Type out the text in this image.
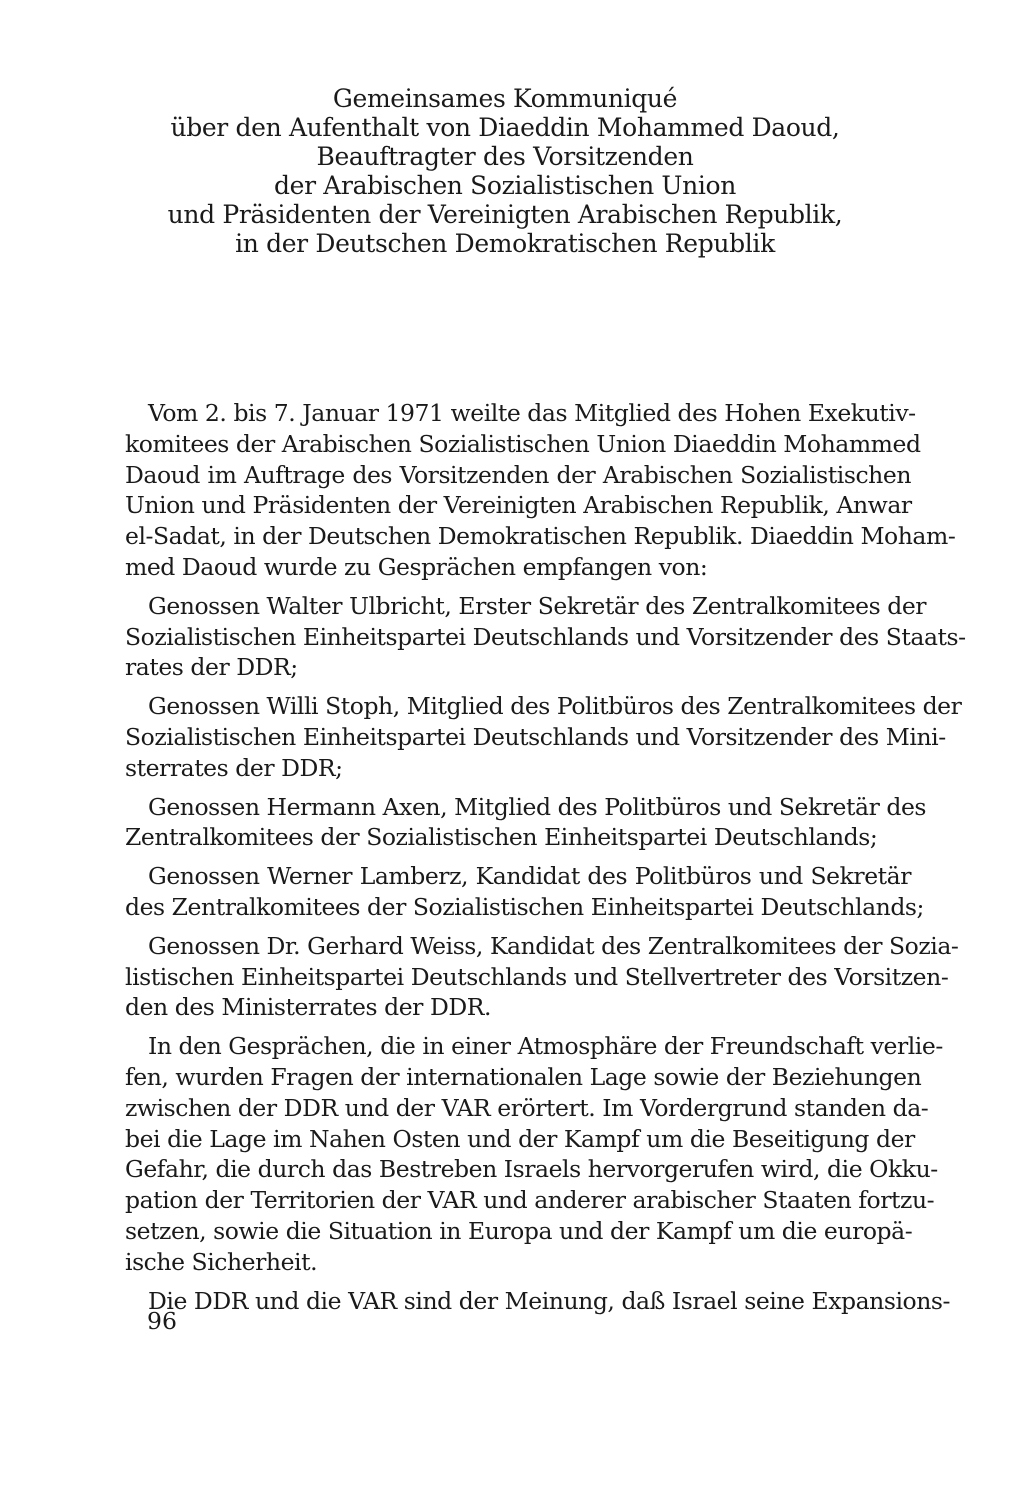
Gemeinsames Kommuniqué
über den Aufenthalt von Diaeddin Mohammed Daoud,
Beauftragter des Vorsitzenden
der Arabischen Sozialistischen Union
und Präsidenten der Vereinigten Arabischen Republik,
in der Deutschen Demokratischen Republik
Vom 2. bis 7. Januar 1971 weilte das Mitglied des Hohen Exekutiv-
komitees der Arabischen Sozialistischen Union Diaeddin Mohammed
Daoud im Auftrage des Vorsitzenden der Arabischen Sozialistischen
Union und Präsidenten der Vereinigten Arabischen Republik, Anwar
el-Sadat, in der Deutschen Demokratischen Republik. Diaeddin Moham-
med Daoud wurde zu Gesprächen empfangen von:
Genossen Walter Ulbricht, Erster Sekretär des Zentralkomitees der
Sozialistischen Einheitspartei Deutschlands und Vorsitzender des Staats-
rates der DDR;
Genossen Willi Stoph, Mitglied des Politbüros des Zentralkomitees der
Sozialistischen Einheitspartei Deutschlands und Vorsitzender des Mini-
sterrates der DDR;
Genossen Hermann Axen, Mitglied des Politbüros und Sekretär des
Zentralkomitees der Sozialistischen Einheitspartei Deutschlands;
Genossen Werner Lamberz, Kandidat des Politbüros und Sekretär
des Zentralkomitees der Sozialistischen Einheitspartei Deutschlands;
Genossen Dr. Gerhard Weiss, Kandidat des Zentralkomitees der Sozia-
listischen Einheitspartei Deutschlands und Stellvertreter des Vorsitzen-
den des Ministerrates der DDR.
In den Gesprächen, die in einer Atmosphäre der Freundschaft verlie-
fen, wurden Fragen der internationalen Lage sowie der Beziehungen
zwischen der DDR und der VAR erörtert. Im Vordergrund standen da-
bei die Lage im Nahen Osten und der Kampf um die Beseitigung der
Gefahr, die durch das Bestreben Israels hervorgerufen wird, die Okku-
pation der Territorien der VAR und anderer arabischer Staaten fortzu-
setzen, sowie die Situation in Europa und der Kampf um die europä-
ische Sicherheit.
Die DDR und die VAR sind der Meinung, daß Israel seine Expansions-
96
